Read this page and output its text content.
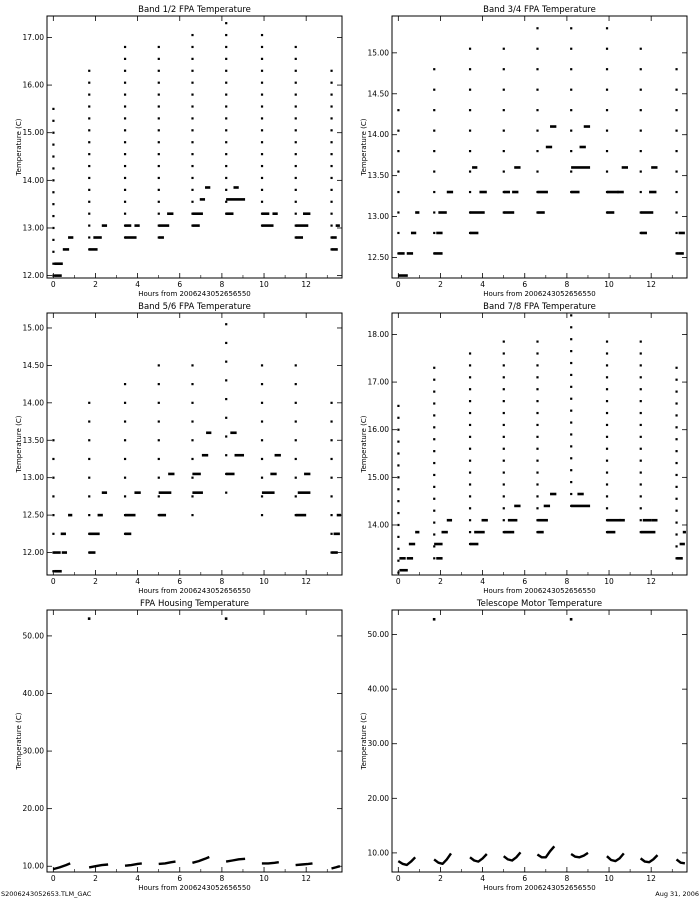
Band 1/2 FPA Temperature
0	2	4	6	8	10	12
12.00
13.00
14.00
15.00
16.00
17.00
Hours from 2006243052656550
Temperature (C)
Band 3/4 FPA Temperature
0	2	4	6	8	10	12
12.50
13.00
13.50
14.00
14.50
15.00
Hours from 2006243052656550
Temperature (C)
Band 5/6 FPA Temperature
0	2	4	6	8	10	12
12.00
12.50
13.00
13.50
14.00
14.50
15.00
Hours from 2006243052656550
Temperature (C)
Band 7/8 FPA Temperature
0	2	4	6	8	10	12
14.00
15.00
16.00
17.00
18.00
Hours from 2006243052656550
Temperature (C)
FPA Housing Temperature
0	2	4	6	8	10	12
10.00
20.00
30.00
40.00
50.00
Hours from 2006243052656550
Temperature (C)
Telescope Motor Temperature
0	2	4	6	8	10	12
10.00
20.00
30.00
40.00
50.00
Hours from 2006243052656550
Temperature (C)
S2006243052653.TLM_GAC	Aug 31, 2006
